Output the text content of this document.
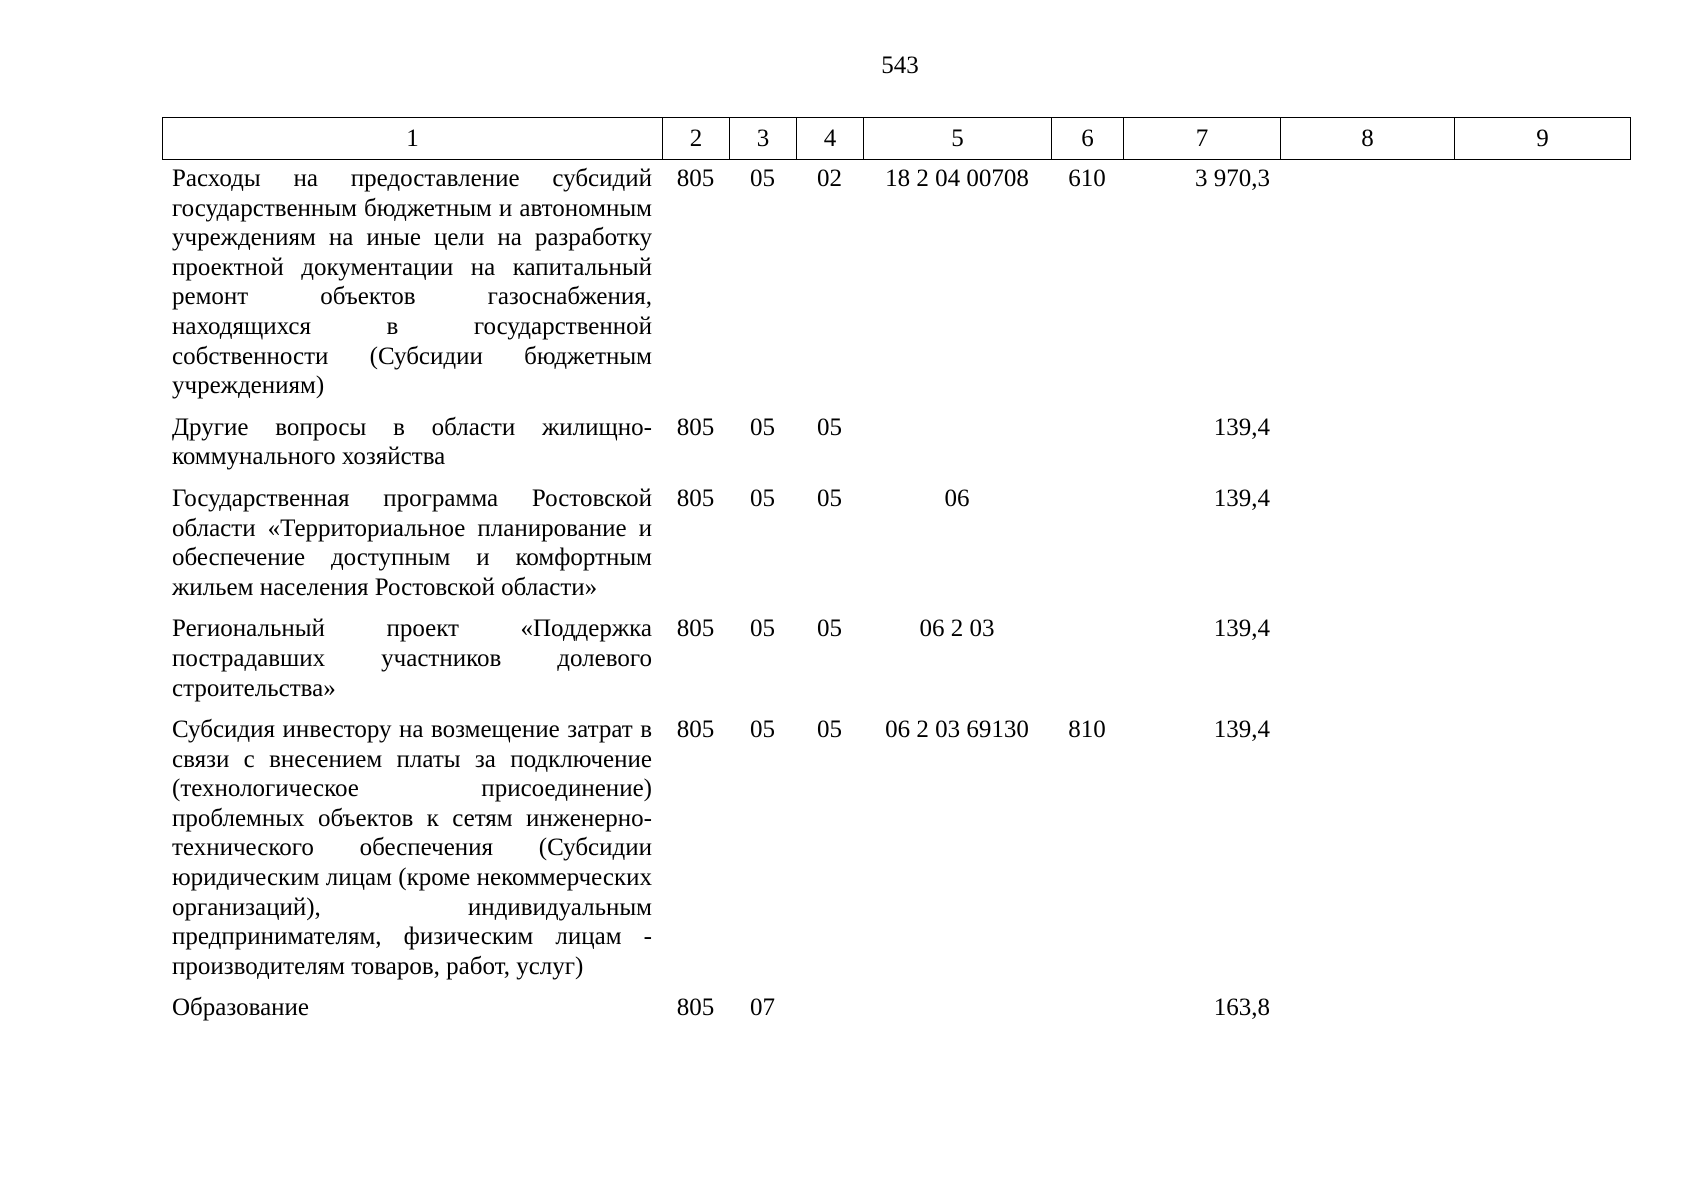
543
1	2	3	4	5	6	7	8	9
Расходы на предоставление субсидий государственным бюджетным и автономным учреждениям на иные цели на разработку проектной документации на капитальный ремонт объектов газоснабжения, находящихся в государственной собственности (Субсидии бюджетным учреждениям)	805	05	02	18 2 04 00708	610	3 970,3		
Другие вопросы в области жилищно-коммунального хозяйства	805	05	05			139,4		
Государственная программа Ростовской области «Территориальное планирование и обеспечение доступным и комфортным жильем населения Ростовской области»	805	05	05	06		139,4		
Региональный проект «Поддержка пострадавших участников долевого строительства»	805	05	05	06 2 03		139,4		
Субсидия инвестору на возмещение затрат в связи с внесением платы за подключение (технологическое присоединение) проблемных объектов к сетям инженерно-технического обеспечения (Субсидии юридическим лицам (кроме некоммерческих организаций), индивидуальным предпринимателям, физическим лицам - производителям товаров, работ, услуг)	805	05	05	06 2 03 69130	810	139,4		
Образование	805	07				163,8		
